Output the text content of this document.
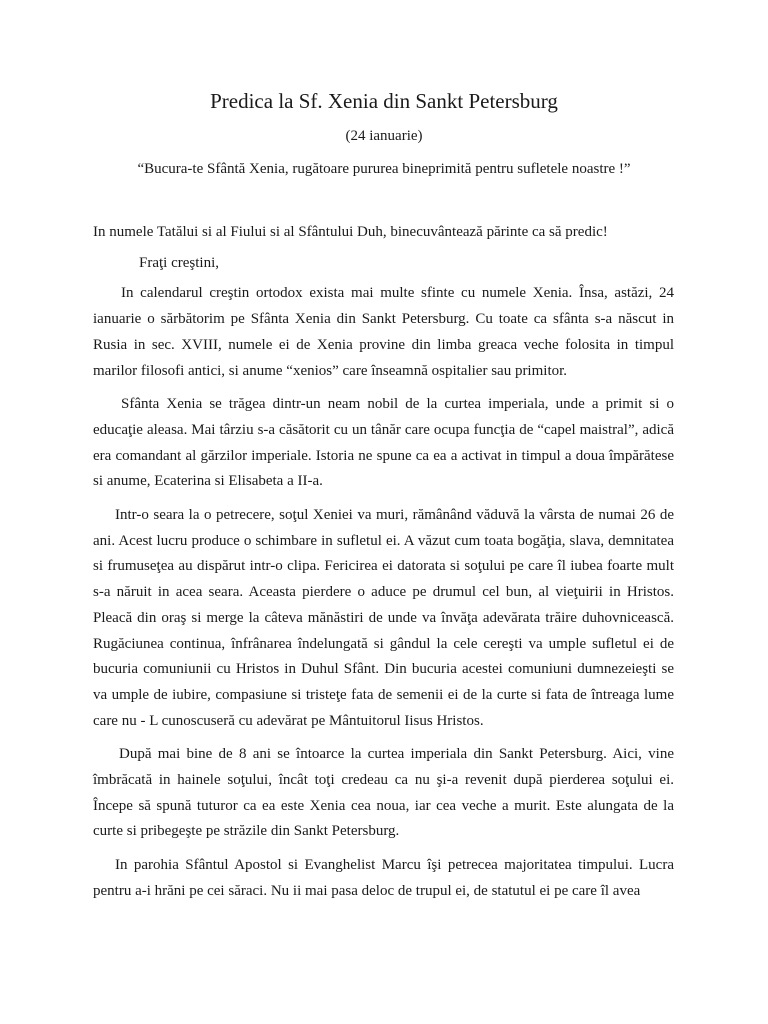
Predica la Sf. Xenia din Sankt Petersburg

(24 ianuarie)

“Bucura-te Sfântă Xenia, rugătoare pururea bineprimită pentru sufletele noastre !”

In numele Tatălui si al Fiului si al Sfântului Duh, binecuvântează părinte ca să predic!

Fraţi creştini,

In calendarul creştin ortodox exista mai multe sfinte cu numele Xenia. Însa, astăzi, 24 ianuarie o sărbătorim pe Sfânta Xenia din Sankt Petersburg. Cu toate ca sfânta s-a născut in Rusia in sec. XVIII, numele ei de Xenia provine din limba greaca veche folosita in timpul marilor filosofi antici, si anume “xenios” care înseamnă ospitalier sau primitor.

Sfânta Xenia se trăgea dintr-un neam nobil de la curtea imperiala, unde a primit si o educaţie aleasa. Mai târziu s-a căsătorit cu un tânăr care ocupa funcţia de “capel maistral”, adică era comandant al gărzilor imperiale. Istoria ne spune ca ea a activat in timpul a doua împărătese si anume, Ecaterina si Elisabeta a II-a.

Intr-o seara la o petrecere, soţul Xeniei va muri, rămânând văduvă la vârsta de numai 26 de ani. Acest lucru produce o schimbare in sufletul ei. A văzut cum toata bogăţia, slava, demnitatea si frumuseţea au dispărut intr-o clipa. Fericirea ei datorata si soţului pe care îl iubea foarte mult s-a năruit in acea seara. Aceasta pierdere o aduce pe drumul cel bun, al vieţuirii in Hristos. Pleacă din oraş si merge la câteva mănăstiri de unde va învăţa adevărata trăire duhovnicească. Rugăciunea continua, înfrânarea îndelungată si gândul la cele cereşti va umple sufletul ei de bucuria comuniunii cu Hristos in Duhul Sfânt. Din bucuria acestei comuniuni dumnezeieşti se va umple de iubire, compasiune si tristeţe fata de semenii ei de la curte si fata de întreaga lume care nu - L cunoscuseră cu adevărat pe Mântuitorul Iisus Hristos.

După mai bine de 8 ani se întoarce la curtea imperiala din Sankt Petersburg. Aici, vine îmbrăcată in hainele soţului, încât toţi credeau ca nu şi-a revenit după pierderea soţului ei. Începe să spună tuturor ca ea este Xenia cea noua, iar cea veche a murit. Este alungata de la curte si pribegeşte pe străzile din Sankt Petersburg.

In parohia Sfântul Apostol si Evanghelist Marcu îşi petrecea majoritatea timpului. Lucra pentru a-i hrăni pe cei săraci. Nu ii mai pasa deloc de trupul ei, de statutul ei pe care îl avea
